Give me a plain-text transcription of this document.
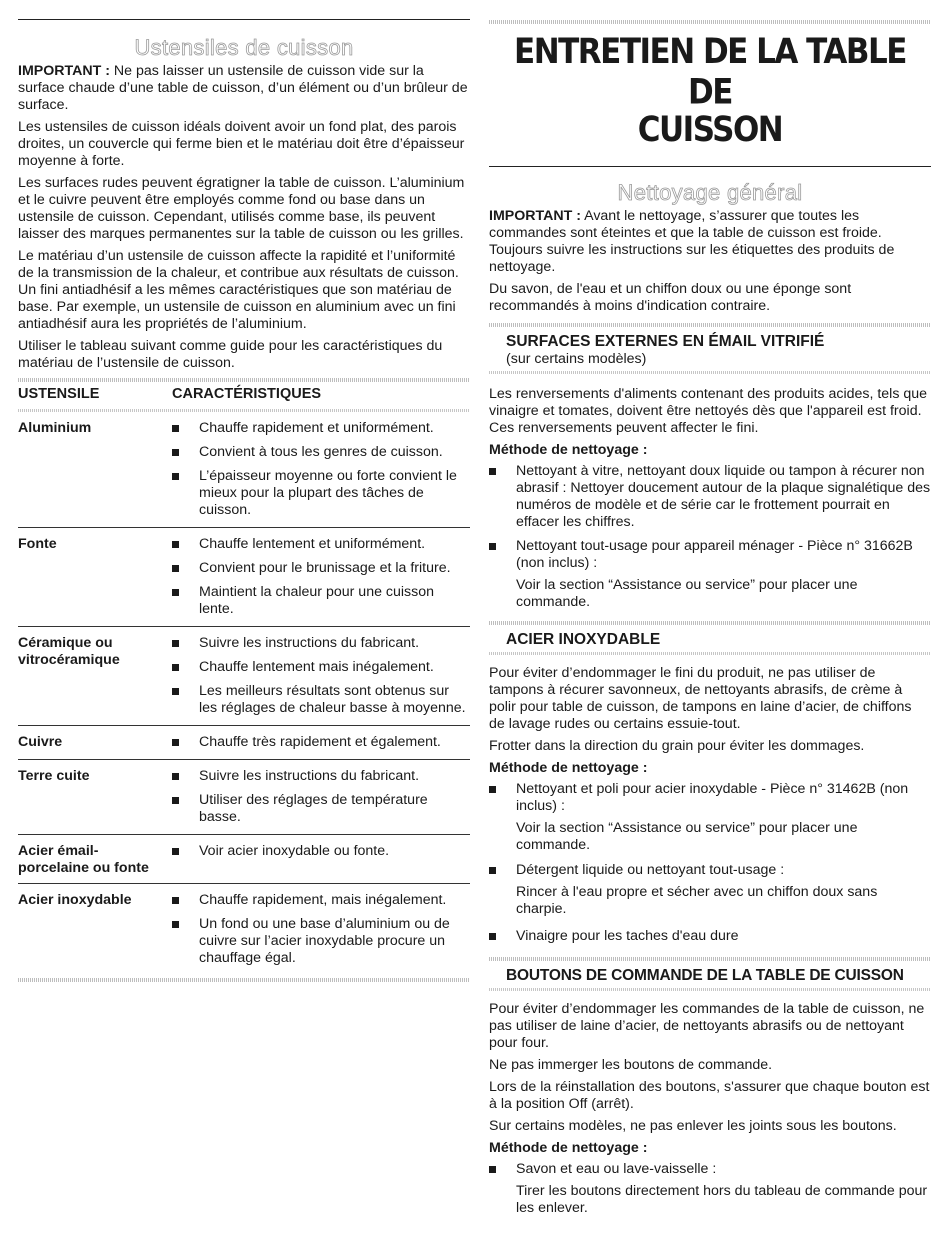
Ustensiles de cuisson

IMPORTANT : Ne pas laisser un ustensile de cuisson vide sur la surface chaude d’une table de cuisson, d’un élément ou d’un brûleur de surface.

Les ustensiles de cuisson idéals doivent avoir un fond plat, des parois droites, un couvercle qui ferme bien et le matériau doit être d’épaisseur moyenne à forte.

Les surfaces rudes peuvent égratigner la table de cuisson. L’aluminium et le cuivre peuvent être employés comme fond ou base dans un ustensile de cuisson. Cependant, utilisés comme base, ils peuvent laisser des marques permanentes sur la table de cuisson ou les grilles.

Le matériau d’un ustensile de cuisson affecte la rapidité et l’uniformité de la transmission de la chaleur, et contribue aux résultats de cuisson. Un fini antiadhésif a les mêmes caractéristiques que son matériau de base. Par exemple, un ustensile de cuisson en aluminium avec un fini antiadhésif aura les propriétés de l’aluminium.

Utiliser le tableau suivant comme guide pour les caractéristiques du matériau de l’ustensile de cuisson.

USTENSILE	CARACTÉRISTIQUES

Aluminium	Chauffe rapidement et uniformément.
Convient à tous les genres de cuisson.
L’épaisseur moyenne ou forte convient le mieux pour la plupart des tâches de cuisson.

Fonte	Chauffe lentement et uniformément.
Convient pour le brunissage et la friture.
Maintient la chaleur pour une cuisson lente.

Céramique ou vitrocéramique	Suivre les instructions du fabricant.
Chauffe lentement mais inégalement.
Les meilleurs résultats sont obtenus sur les réglages de chaleur basse à moyenne.

Cuivre	Chauffe très rapidement et également.

Terre cuite	Suivre les instructions du fabricant.
Utiliser des réglages de température basse.

Acier émail-porcelaine ou fonte	Voir acier inoxydable ou fonte.

Acier inoxydable	Chauffe rapidement, mais inégalement.
Un fond ou une base d’aluminium ou de cuivre sur l’acier inoxydable procure un chauffage égal.
ENTRETIEN DE LA TABLE DE
CUISSON
Nettoyage général

IMPORTANT : Avant le nettoyage, s’assurer que toutes les commandes sont éteintes et que la table de cuisson est froide. Toujours suivre les instructions sur les étiquettes des produits de nettoyage.

Du savon, de l'eau et un chiffon doux ou une éponge sont recommandés à moins d'indication contraire.

SURFACES EXTERNES EN ÉMAIL VITRIFIÉ
(sur certains modèles)

Les renversements d'aliments contenant des produits acides, tels que vinaigre et tomates, doivent être nettoyés dès que l'appareil est froid. Ces renversements peuvent affecter le fini.

Méthode de nettoyage :

Nettoyant à vitre, nettoyant doux liquide ou tampon à récurer non abrasif : Nettoyer doucement autour de la plaque signalétique des numéros de modèle et de série car le frottement pourrait en effacer les chiffres.
Nettoyant tout-usage pour appareil ménager - Pièce n° 31662B (non inclus) :

Voir la section “Assistance ou service” pour placer une commande.

ACIER INOXYDABLE

Pour éviter d’endommager le fini du produit, ne pas utiliser de tampons à récurer savonneux, de nettoyants abrasifs, de crème à polir pour table de cuisson, de tampons en laine d’acier, de chiffons de lavage rudes ou certains essuie-tout.

Frotter dans la direction du grain pour éviter les dommages.

Méthode de nettoyage :

Nettoyant et poli pour acier inoxydable - Pièce n° 31462B (non inclus) :

Voir la section “Assistance ou service” pour placer une commande.

Détergent liquide ou nettoyant tout-usage :

Rincer à l'eau propre et sécher avec un chiffon doux sans charpie.

Vinaigre pour les taches d'eau dure
BOUTONS DE COMMANDE DE LA TABLE DE CUISSON

Pour éviter d’endommager les commandes de la table de cuisson, ne pas utiliser de laine d’acier, de nettoyants abrasifs ou de nettoyant pour four.

Ne pas immerger les boutons de commande.

Lors de la réinstallation des boutons, s'assurer que chaque bouton est à la position Off (arrêt).

Sur certains modèles, ne pas enlever les joints sous les boutons.

Méthode de nettoyage :

Savon et eau ou lave-vaisselle :

Tirer les boutons directement hors du tableau de commande pour les enlever.
